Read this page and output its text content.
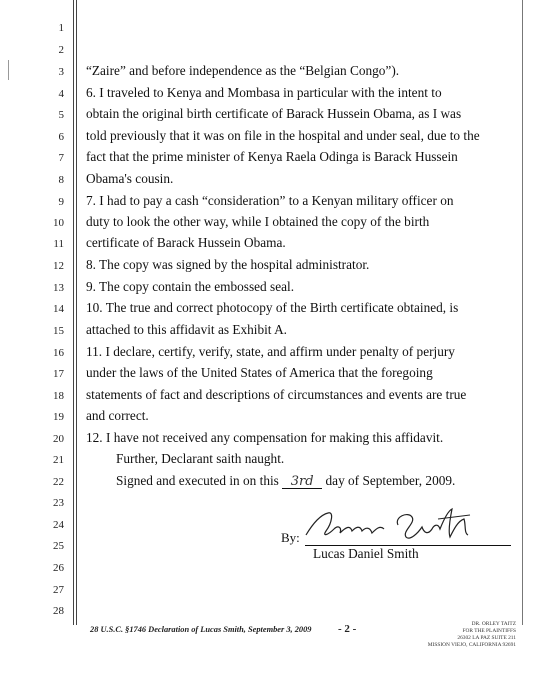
1
2
3
4
5
6
7
8
9
10
11
12
13
14
15
16
17
18
19
20
21
22
23
24
25
26
27
28
“Zaire” and before independence as the “Belgian Congo”).
6. I traveled to Kenya and Mombasa in particular with the intent to
obtain the original birth certificate of Barack Hussein Obama, as I was
told previously that it was on file in the hospital and under seal, due to the
fact that the prime minister of Kenya Raela Odinga is Barack Hussein
Obama's cousin.
7. I had to pay a cash “consideration” to a Kenyan military officer on
duty to look the other way, while I obtained the copy of the birth
certificate of Barack Hussein Obama.
8. The copy was signed by the hospital administrator.
9. The copy contain the embossed seal.
10. The true and correct photocopy of the Birth certificate obtained, is
attached to this affidavit as Exhibit A.
11. I declare, certify, verify, state, and affirm under penalty of perjury
under the laws of the United States of America that the foregoing
statements of fact and descriptions of circumstances and events are true
and correct.
12. I have not received any compensation for making this affidavit.
Further, Declarant saith naught.
Signed and executed in on this 3rd day of September, 2009.
By:
Lucas Daniel Smith
28 U.S.C. §1746 Declaration of Lucas Smith, September 3, 2009 - 2 -	DR. ORLEY TAITZ
FOR THE PLAINTIFFS
26302 LA PAZ SUITE 211
MISSION VIEJO, CALIFORNIA 92691
